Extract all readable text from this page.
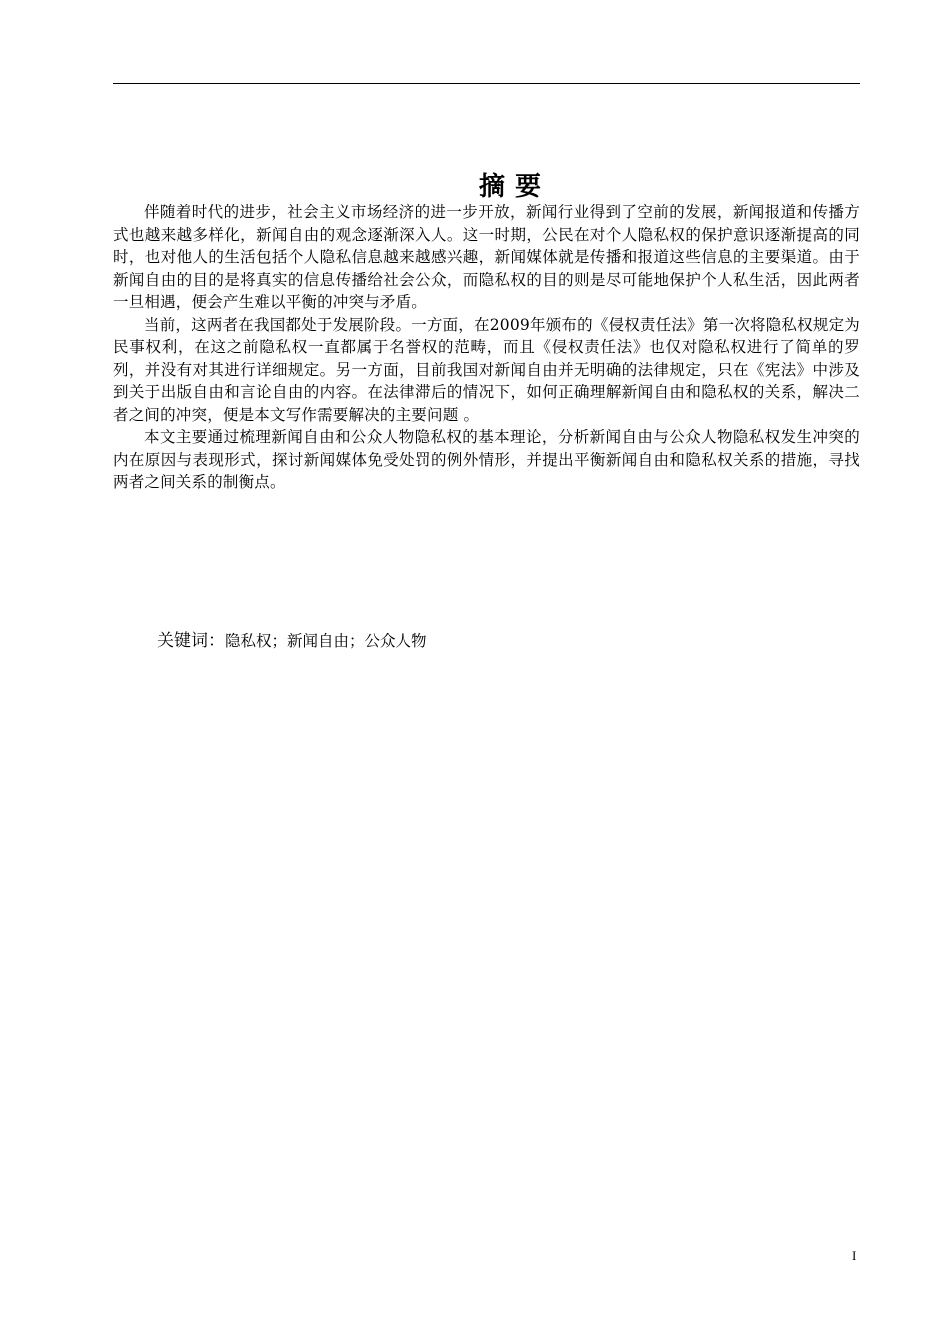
摘要

伴随着时代的进步，社会主义市场经济的进一步开放，新闻行业得到了空前的发展，新闻报道和传播方式也越来越多样化，新闻自由的观念逐渐深入人。这一时期，公民在对个人隐私权的保护意识逐渐提高的同时，也对他人的生活包括个人隐私信息越来越感兴趣，新闻媒体就是传播和报道这些信息的主要渠道。由于新闻自由的目的是将真实的信息传播给社会公众，而隐私权的目的则是尽可能地保护个人私生活，因此两者一旦相遇，便会产生难以平衡的冲突与矛盾。

当前，这两者在我国都处于发展阶段。一方面，在2009年颁布的《侵权责任法》第一次将隐私权规定为民事权利，在这之前隐私权一直都属于名誉权的范畴，而且《侵权责任法》也仅对隐私权进行了简单的罗列，并没有对其进行详细规定。另一方面，目前我国对新闻自由并无明确的法律规定，只在《宪法》中涉及到关于出版自由和言论自由的内容。在法律滞后的情况下，如何正确理解新闻自由和隐私权的关系，解决二者之间的冲突，便是本文写作需要解决的主要问题 。

本文主要通过梳理新闻自由和公众人物隐私权的基本理论，分析新闻自由与公众人物隐私权发生冲突的内在原因与表现形式，探讨新闻媒体免受处罚的例外情形，并提出平衡新闻自由和隐私权关系的措施，寻找两者之间关系的制衡点。

关键词：隐私权；新闻自由；公众人物
I
